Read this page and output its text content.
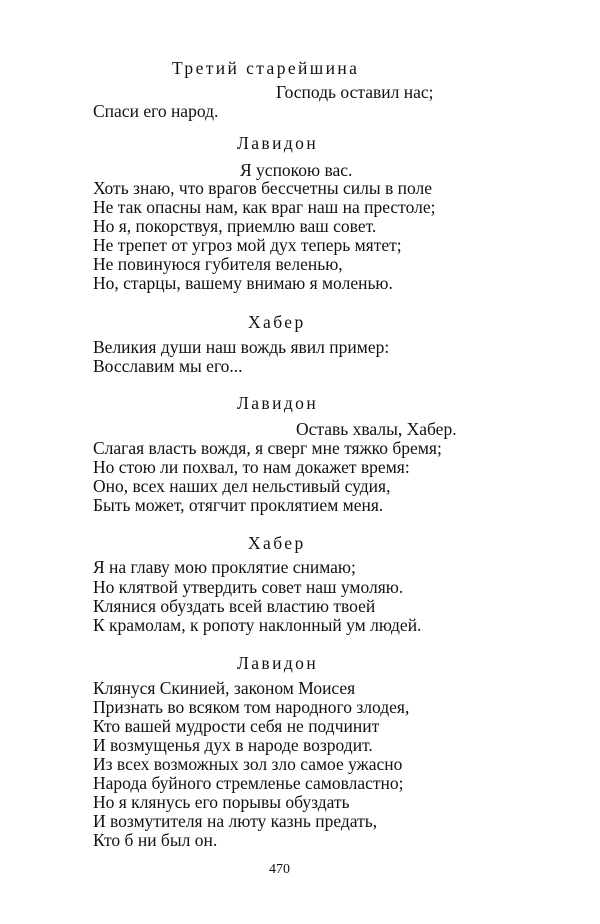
Третий старейшина
Господь оставил нас;
Спаси его народ.
Лавидон
Я успокою вас.
Хоть знаю, что врагов бессчетны силы в поле
Не так опасны нам, как враг наш на престоле;
Но я, покорствуя, приемлю ваш совет.
Не трепет от угроз мой дух теперь мятет;
Не повинуюся губителя веленью,
Но, старцы, вашему внимаю я моленью.
Хабер
Великия души наш вождь явил пример:
Восславим мы его...
Лавидон
Оставь хвалы, Хабер.
Слагая власть вождя, я сверг мне тяжко бремя;
Но стою ли похвал, то нам докажет время:
Оно, всех наших дел нельстивый судия,
Быть может, отягчит проклятием меня.
Хабер
Я на главу мою проклятие снимаю;
Но клятвой утвердить совет наш умоляю.
Клянися обуздать всей властию твоей
К крамолам, к ропоту наклонный ум людей.
Лавидон
Клянуся Скинией, законом Моисея
Признать во всяком том народного злодея,
Кто вашей мудрости себя не подчинит
И возмущенья дух в народе возродит.
Из всех возможных зол зло самое ужасно
Народа буйного стремленье самовластно;
Но я клянусь его порывы обуздать
И возмутителя на люту казнь предать,
Кто б ни был он.
470
